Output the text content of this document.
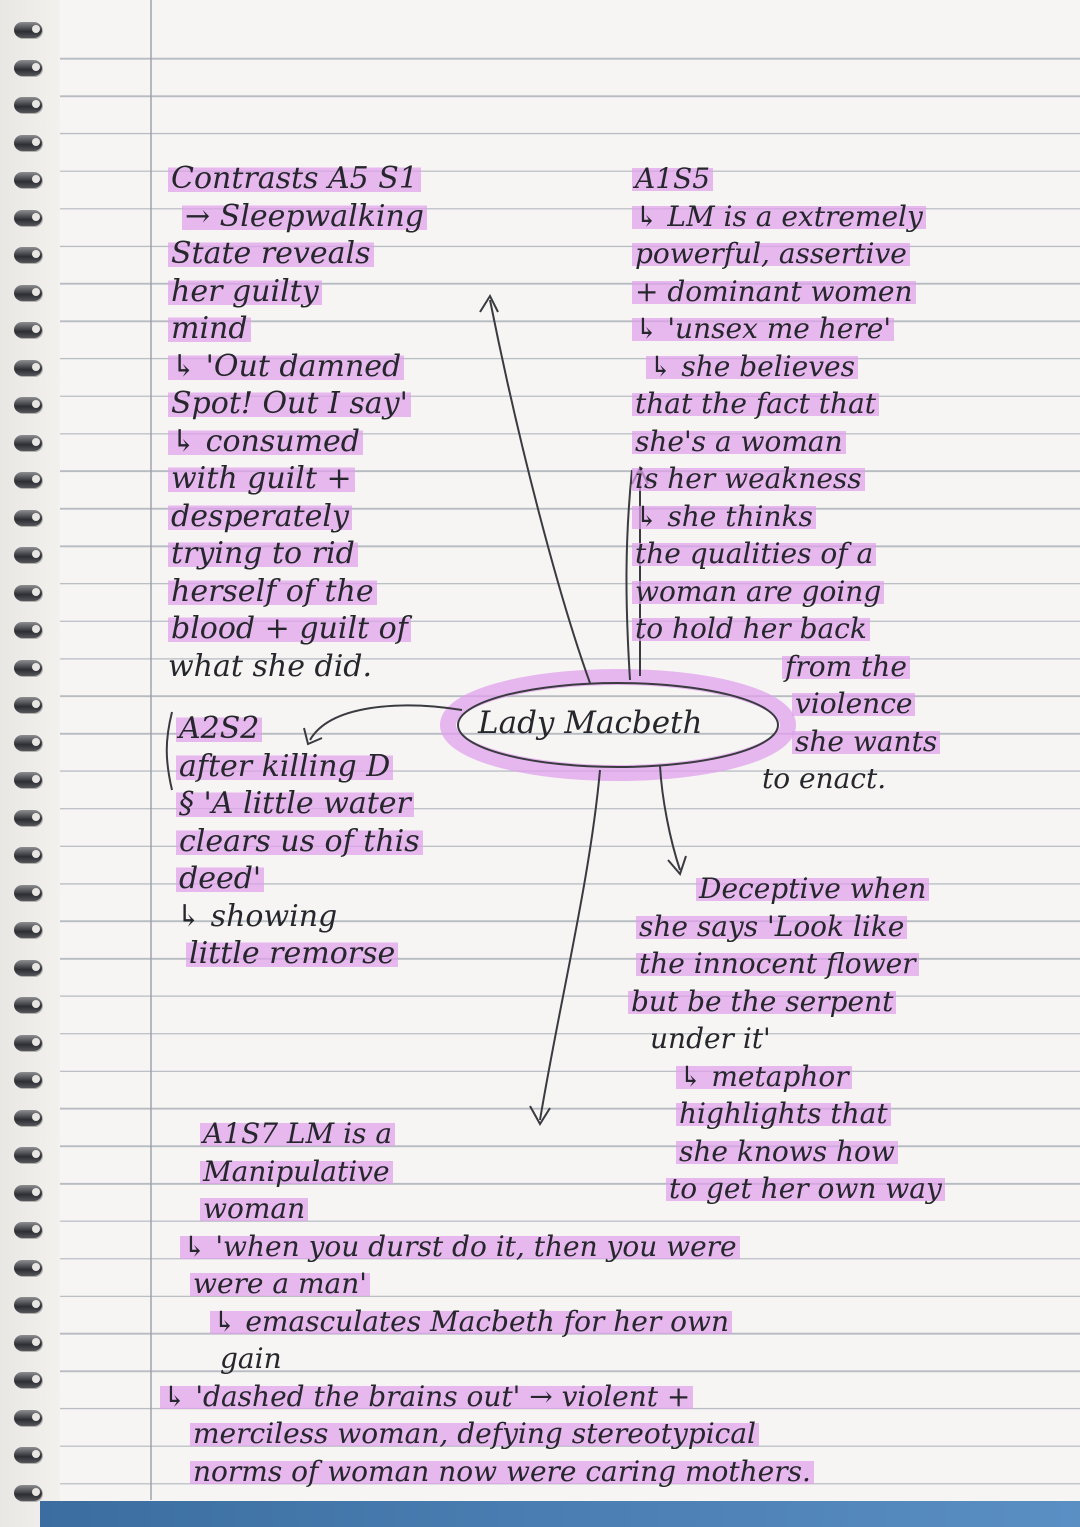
Lady Macbeth
Contrasts A5 S1
→ Sleepwalking
State reveals
her guilty
mind
↳ 'Out damned
Spot! Out I say'
↳ consumed
with guilt +
desperately
trying to rid
herself of the
blood + guilt of
what she did.
A1S5
↳ LM is a extremely
powerful, assertive
+ dominant women
↳ 'unsex me here'
↳ she believes
that the fact that
she's a woman
is her weakness
↳ she thinks
the qualities of a
woman are going
to hold her back
from the
violence
she wants
to enact.
A2S2
after killing D
§ 'A little water
clears us of this
deed'
↳ showing
little remorse
Deceptive when
she says 'Look like
the innocent flower
but be the serpent
under it'
↳ metaphor
highlights that
she knows how
to get her own way
A1S7 LM is a
Manipulative
woman
↳ 'when you durst do it, then you were
were a man'
↳ emasculates Macbeth for her own
gain
↳ 'dashed the brains out' → violent +
merciless woman, defying stereotypical
norms of woman now were caring mothers.
